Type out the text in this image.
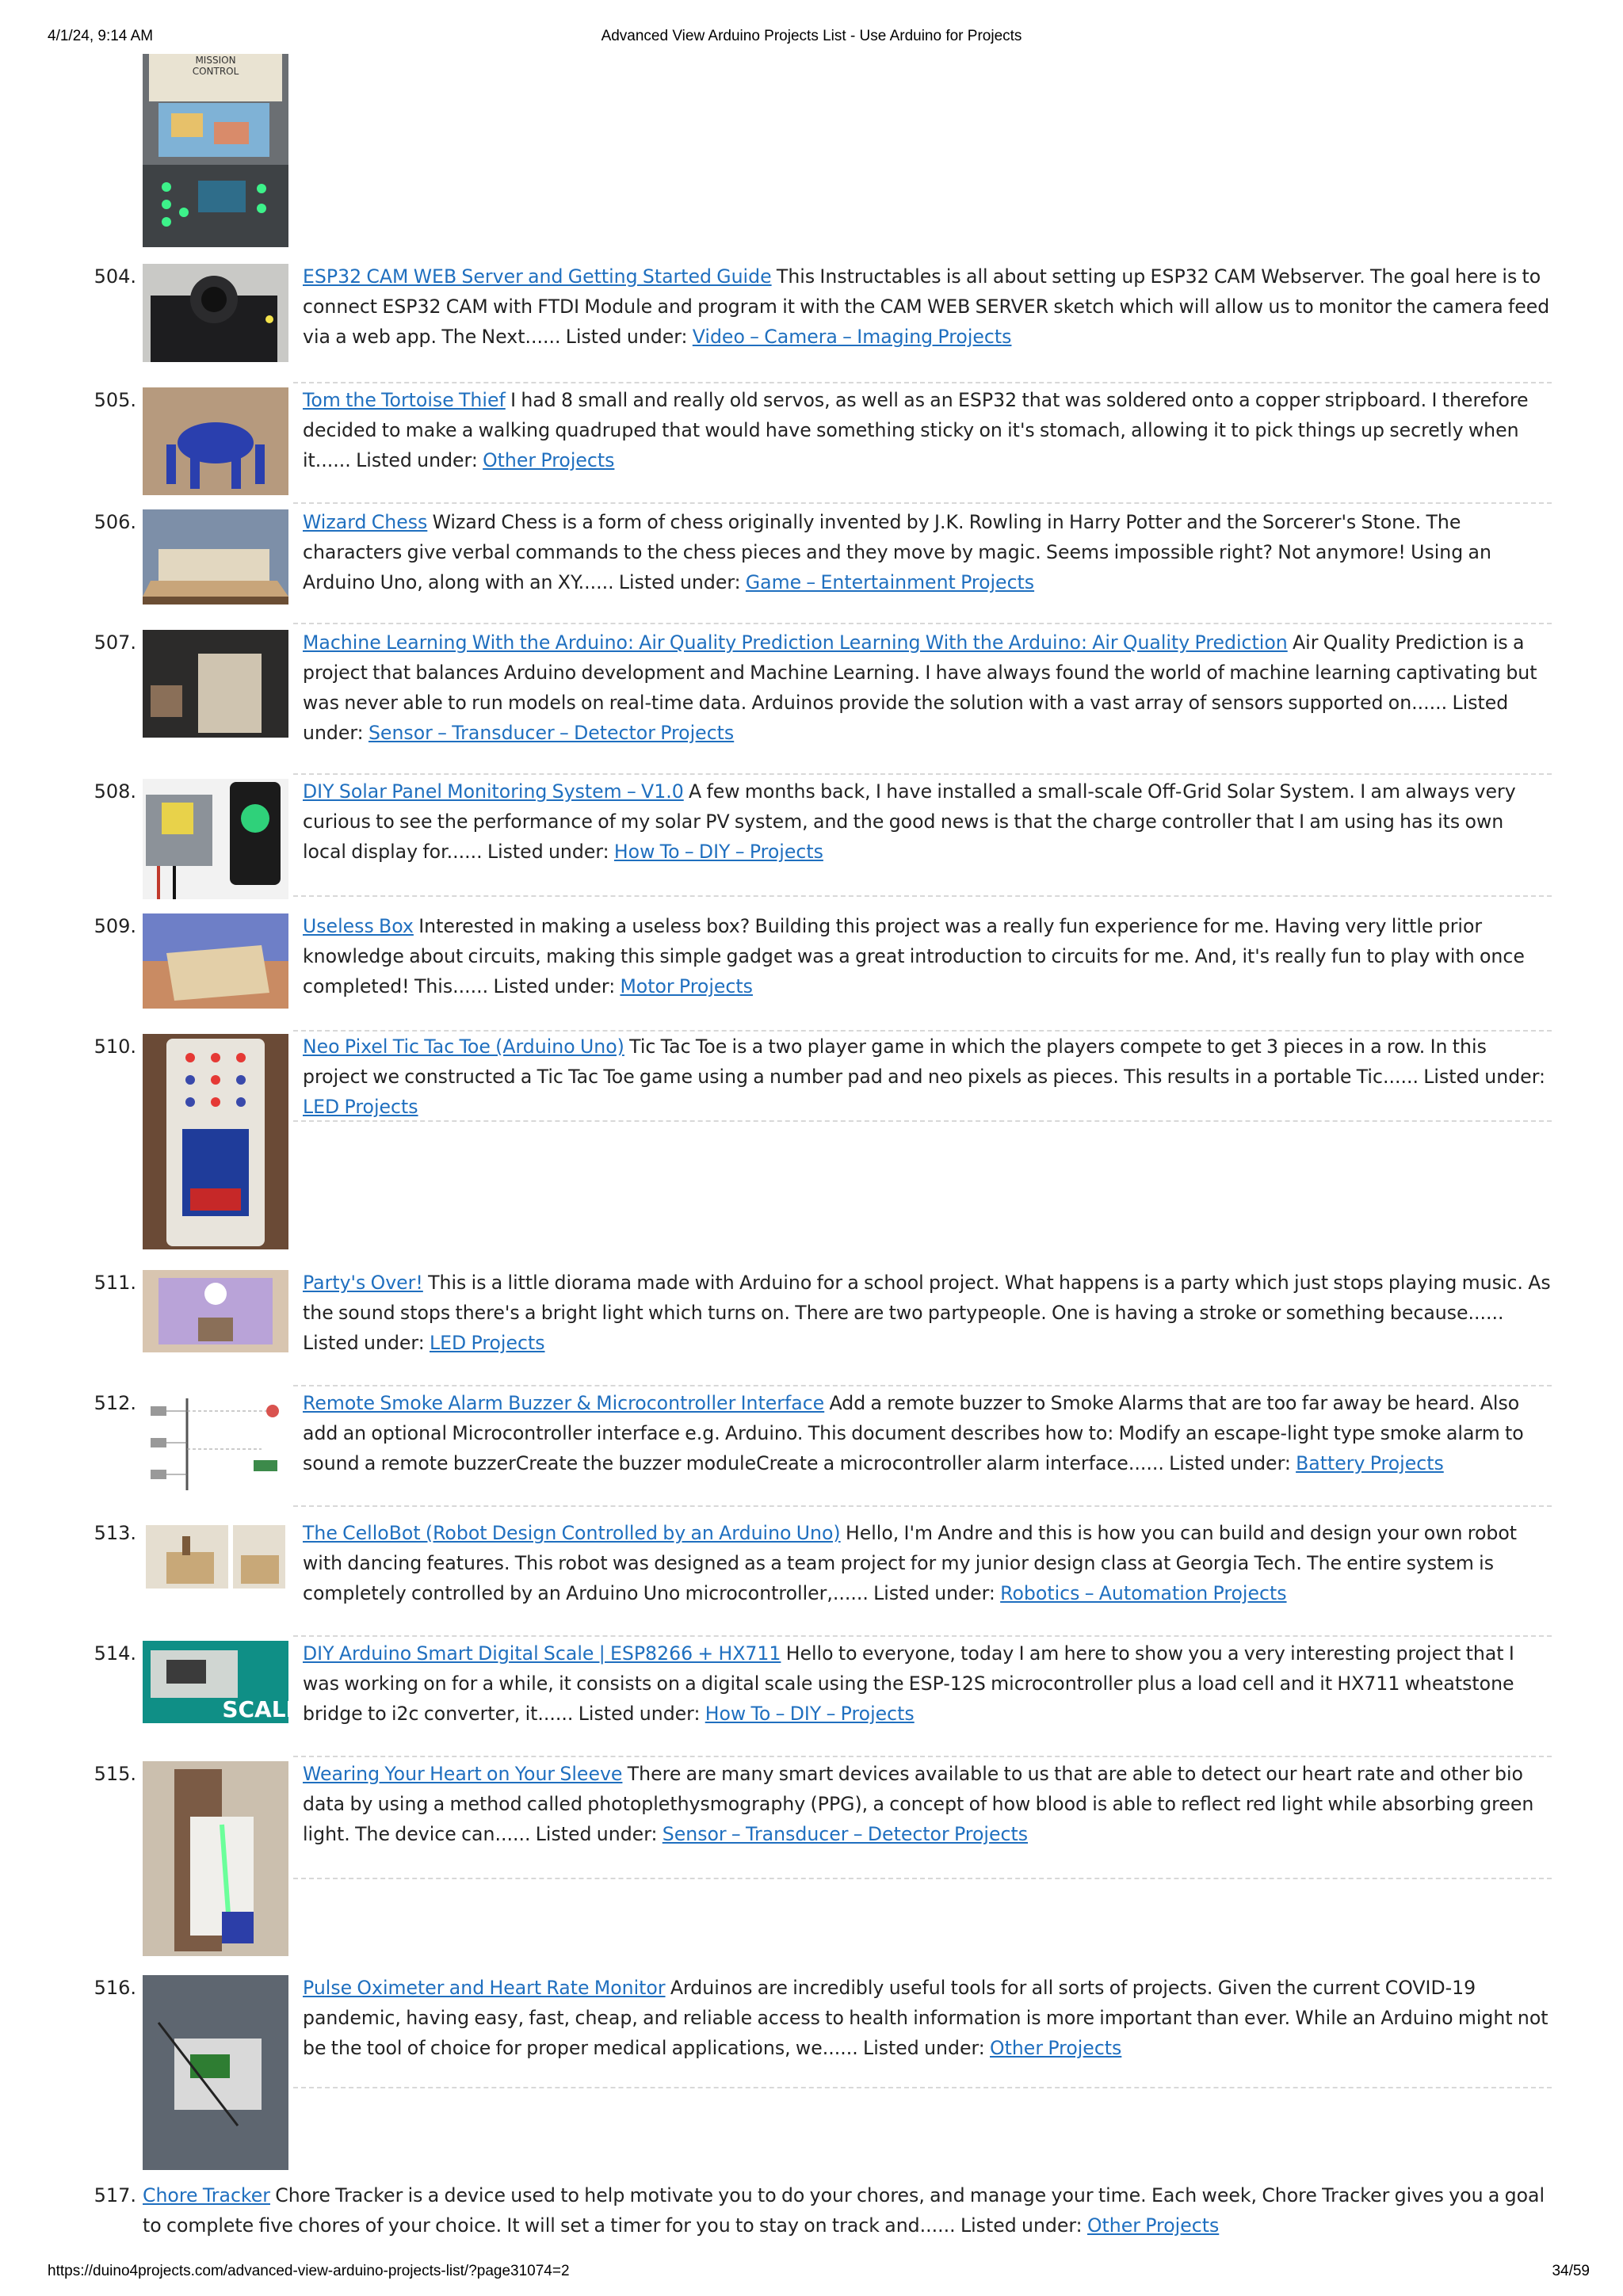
4/1/24, 9:14 AM	Advanced View Arduino Projects List - Use Arduino for Projects
MISSION
CONTROL
504.	ESP32 CAM WEB Server and Getting Started Guide This Instructables is all about setting up ESP32 CAM Webserver. The goal here is to connect ESP32 CAM with FTDI Module and program it with the CAM WEB SERVER sketch which will allow us to monitor the camera feed via a web app. The Next...... Listed under: Video – Camera – Imaging Projects
505.	Tom the Tortoise Thief I had 8 small and really old servos, as well as an ESP32 that was soldered onto a copper stripboard. I therefore decided to make a walking quadruped that would have something sticky on it's stomach, allowing it to pick things up secretly when it...... Listed under: Other Projects
506.	Wizard Chess Wizard Chess is a form of chess originally invented by J.K. Rowling in Harry Potter and the Sorcerer's Stone. The characters give verbal commands to the chess pieces and they move by magic. Seems impossible right? Not anymore! Using an Arduino Uno, along with an XY...... Listed under: Game – Entertainment Projects
507.	Machine Learning With the Arduino: Air Quality Prediction Learning With the Arduino: Air Quality Prediction Air Quality Prediction is a project that balances Arduino development and Machine Learning. I have always found the world of machine learning captivating but was never able to run models on real-time data. Arduinos provide the solution with a vast array of sensors supported on...... Listed under: Sensor – Transducer – Detector Projects
508.	DIY Solar Panel Monitoring System – V1.0 A few months back, I have installed a small-scale Off-Grid Solar System. I am always very curious to see the performance of my solar PV system, and the good news is that the charge controller that I am using has its own local display for...... Listed under: How To – DIY – Projects
509.	Useless Box Interested in making a useless box? Building this project was a really fun experience for me. Having very little prior knowledge about circuits, making this simple gadget was a great introduction to circuits for me. And, it's really fun to play with once completed! This...... Listed under: Motor Projects
510.	Neo Pixel Tic Tac Toe (Arduino Uno) Tic Tac Toe is a two player game in which the players compete to get 3 pieces in a row. In this project we constructed a Tic Tac Toe game using a number pad and neo pixels as pieces. This results in a portable Tic...... Listed under: LED Projects
511.	Party's Over! This is a little diorama made with Arduino for a school project. What happens is a party which just stops playing music. As the sound stops there's a bright light which turns on. There are two partypeople. One is having a stroke or something because...... Listed under: LED Projects
512.	Remote Smoke Alarm Buzzer & Microcontroller Interface Add a remote buzzer to Smoke Alarms that are too far away be heard. Also add an optional Microcontroller interface e.g. Arduino. This document describes how to: Modify an escape-light type smoke alarm to sound a remote buzzerCreate the buzzer moduleCreate a microcontroller alarm interface...... Listed under: Battery Projects
513.	The CelloBot (Robot Design Controlled by an Arduino Uno) Hello, I'm Andre and this is how you can build and design your own robot with dancing features. This robot was designed as a team project for my junior design class at Georgia Tech. The entire system is completely controlled by an Arduino Uno microcontroller,...... Listed under: Robotics – Automation Projects
514.
SCALE
DIY Arduino Smart Digital Scale | ESP8266 + HX711 Hello to everyone, today I am here to show you a very interesting project that I was working on for a while, it consists on a digital scale using the ESP-12S microcontroller plus a load cell and it HX711 wheatstone bridge to i2c converter, it...... Listed under: How To – DIY – Projects
515.	Wearing Your Heart on Your Sleeve There are many smart devices available to us that are able to detect our heart rate and other bio data by using a method called photoplethysmography (PPG), a concept of how blood is able to reflect red light while absorbing green light. The device can...... Listed under: Sensor – Transducer – Detector Projects
516.	Pulse Oximeter and Heart Rate Monitor Arduinos are incredibly useful tools for all sorts of projects. Given the current COVID-19 pandemic, having easy, fast, cheap, and reliable access to health information is more important than ever. While an Arduino might not be the tool of choice for proper medical applications, we...... Listed under: Other Projects
517. Chore Tracker Chore Tracker is a device used to help motivate you to do your chores, and manage your time. Each week, Chore Tracker gives you a goal to complete five chores of your choice. It will set a timer for you to stay on track and...... Listed under: Other Projects
https://duino4projects.com/advanced-view-arduino-projects-list/?page31074=2	34/59
